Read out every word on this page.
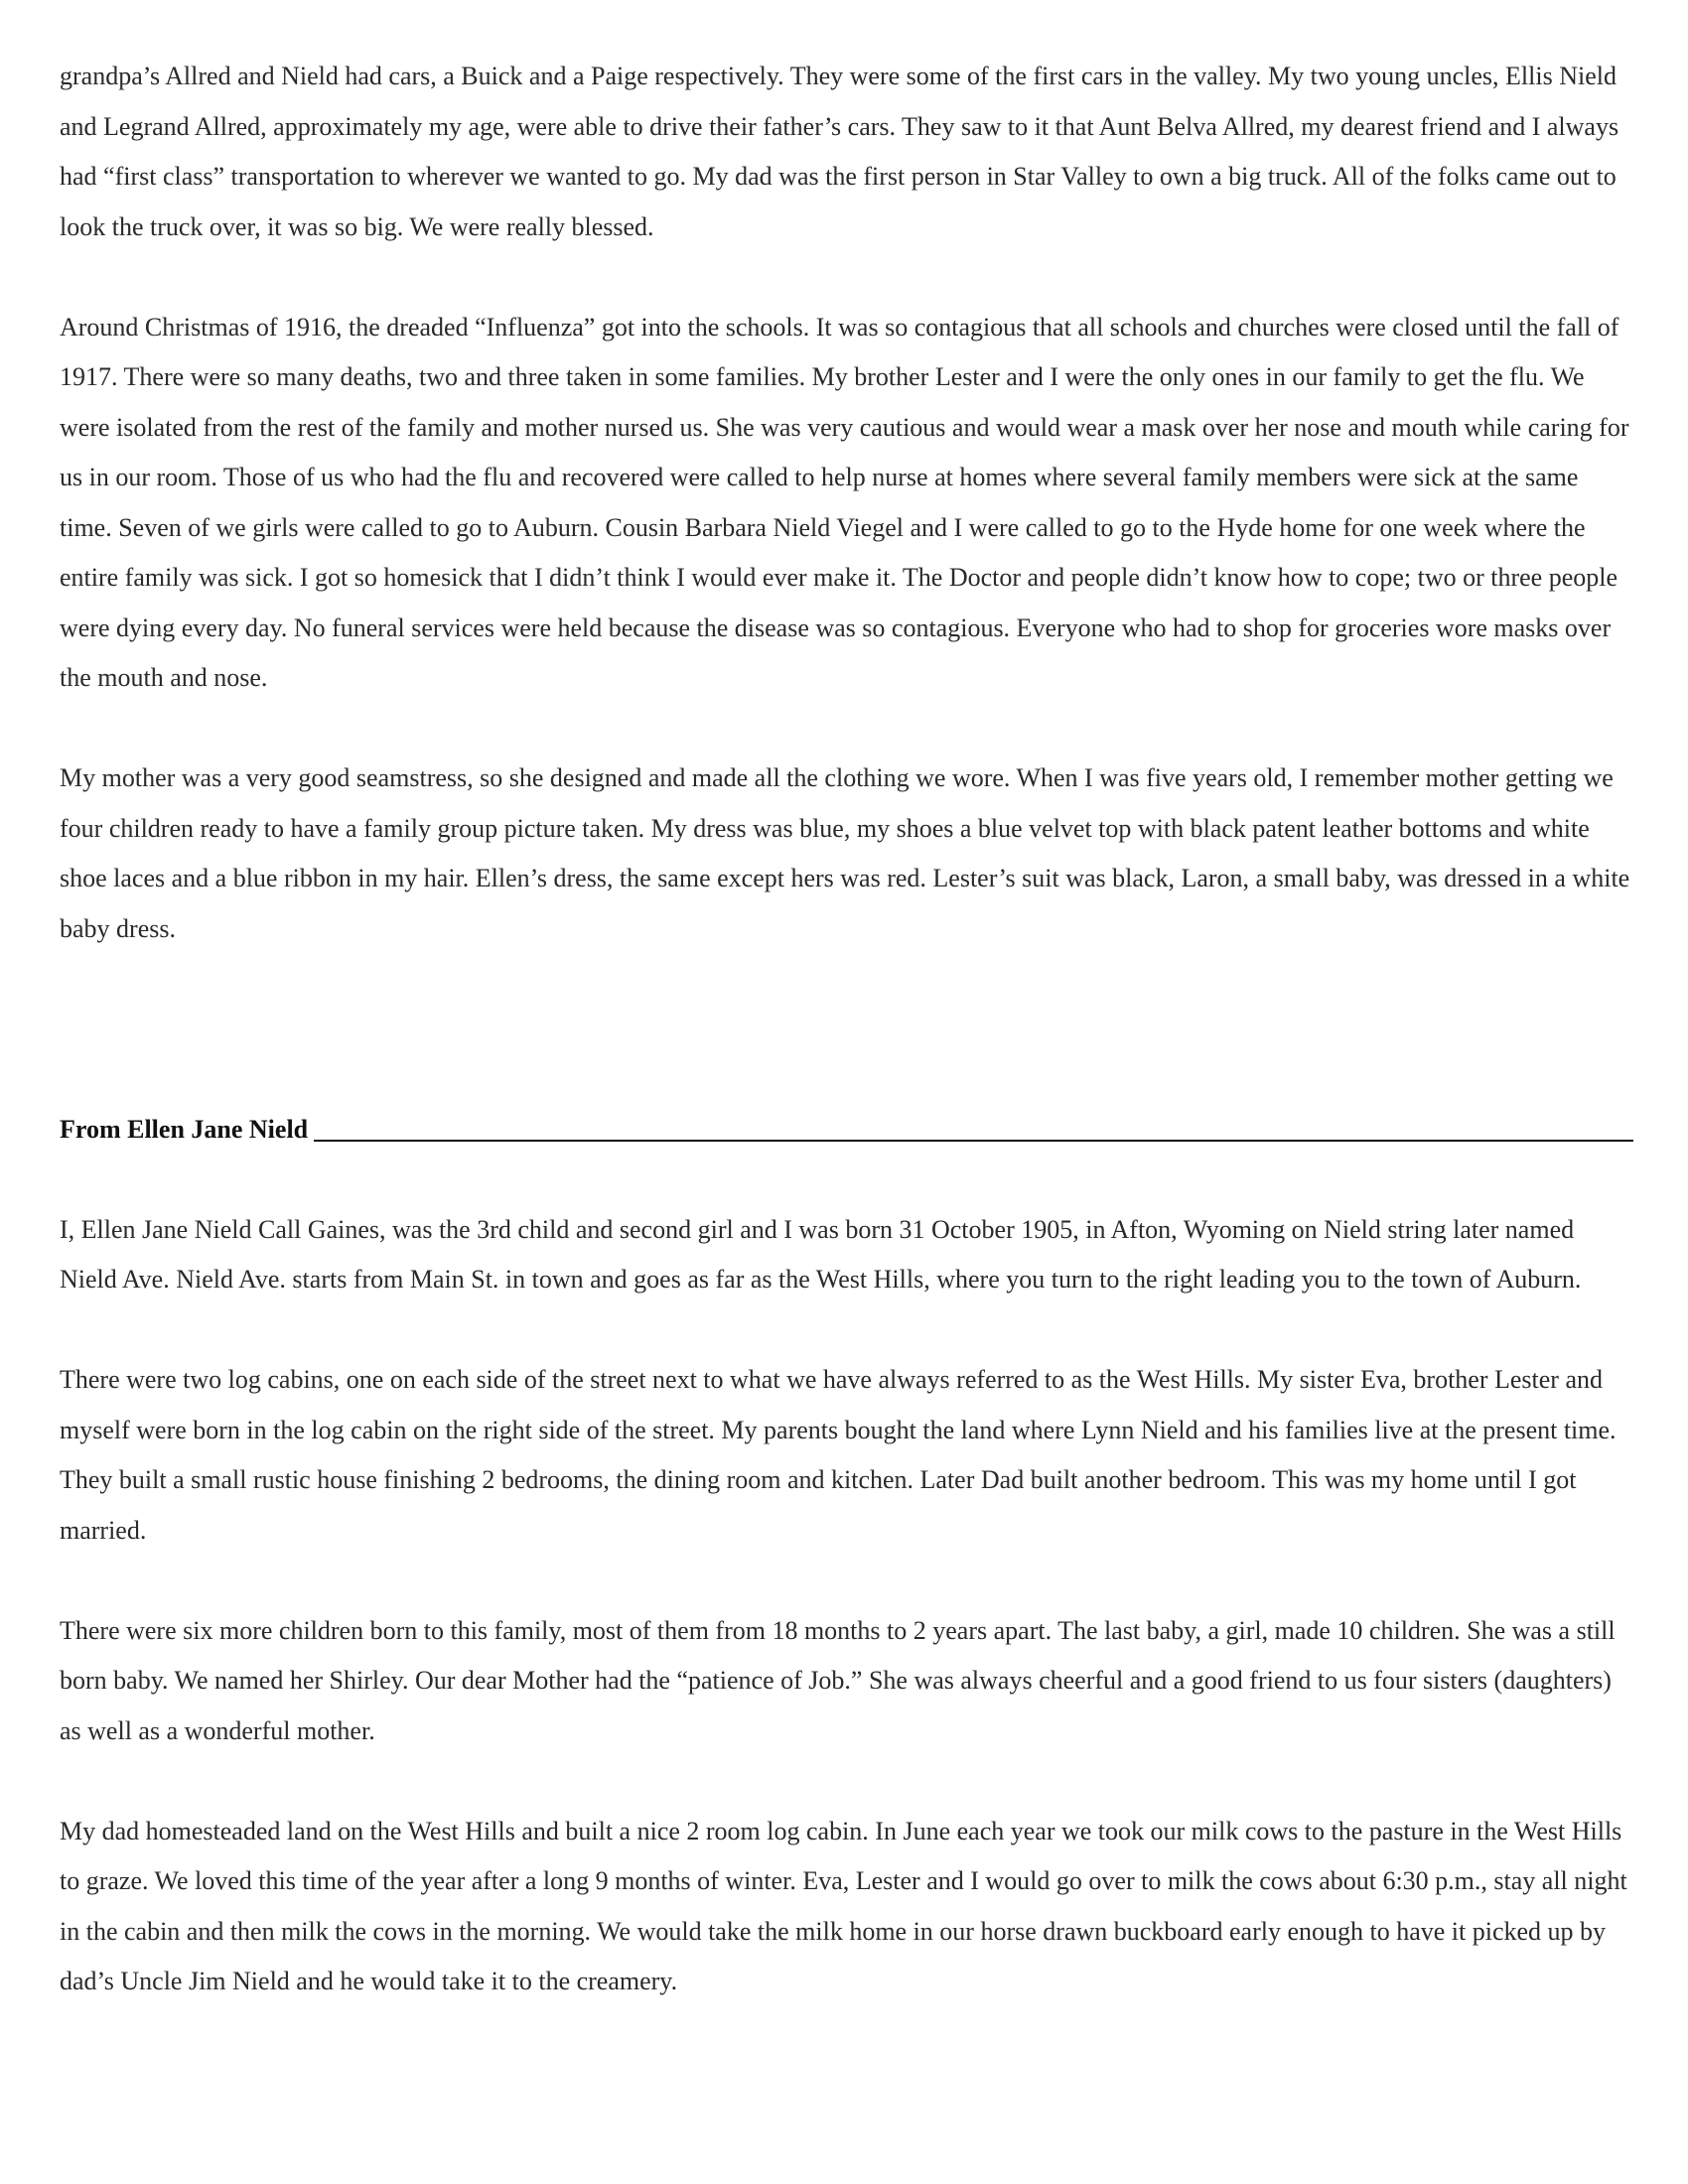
grandpa’s Allred and Nield had cars, a Buick and a Paige respectively. They were some of the first cars in the valley. My two young uncles, Ellis Nield and Legrand Allred, approximately my age, were able to drive their father’s cars. They saw to it that Aunt Belva Allred, my dearest friend and I always had “first class” transportation to wherever we wanted to go. My dad was the first person in Star Valley to own a big truck. All of the folks came out to look the truck over, it was so big. We were really blessed.

Around Christmas of 1916, the dreaded “Influenza” got into the schools. It was so contagious that all schools and churches were closed until the fall of 1917. There were so many deaths, two and three taken in some families. My brother Lester and I were the only ones in our family to get the flu. We were isolated from the rest of the family and mother nursed us. She was very cautious and would wear a mask over her nose and mouth while caring for us in our room. Those of us who had the flu and recovered were called to help nurse at homes where several family members were sick at the same time. Seven of we girls were called to go to Auburn. Cousin Barbara Nield Viegel and I were called to go to the Hyde home for one week where the entire family was sick. I got so homesick that I didn’t think I would ever make it. The Doctor and people didn’t know how to cope; two or three people were dying every day. No funeral services were held because the disease was so contagious. Everyone who had to shop for groceries wore masks over the mouth and nose.

My mother was a very good seamstress, so she designed and made all the clothing we wore. When I was five years old, I remember mother getting we four children ready to have a family group picture taken. My dress was blue, my shoes a blue velvet top with black patent leather bottoms and white shoe laces and a blue ribbon in my hair. Ellen’s dress, the same except hers was red. Lester’s suit was black, Laron, a small baby, was dressed in a white baby dress.

From Ellen Jane Nield

I, Ellen Jane Nield Call Gaines, was the 3rd child and second girl and I was born 31 October 1905, in Afton, Wyoming on Nield string later named Nield Ave. Nield Ave. starts from Main St. in town and goes as far as the West Hills, where you turn to the right leading you to the town of Auburn.

There were two log cabins, one on each side of the street next to what we have always referred to as the West Hills. My sister Eva, brother Lester and myself were born in the log cabin on the right side of the street. My parents bought the land where Lynn Nield and his families live at the present time. They built a small rustic house finishing 2 bedrooms, the dining room and kitchen. Later Dad built another bedroom. This was my home until I got married.

There were six more children born to this family, most of them from 18 months to 2 years apart. The last baby, a girl, made 10 children. She was a still born baby. We named her Shirley. Our dear Mother had the “patience of Job.” She was always cheerful and a good friend to us four sisters (daughters) as well as a wonderful mother.

My dad homesteaded land on the West Hills and built a nice 2 room log cabin. In June each year we took our milk cows to the pasture in the West Hills to graze. We loved this time of the year after a long 9 months of winter. Eva, Lester and I would go over to milk the cows about 6:30 p.m., stay all night in the cabin and then milk the cows in the morning. We would take the milk home in our horse drawn buckboard early enough to have it picked up by dad’s Uncle Jim Nield and he would take it to the creamery.
